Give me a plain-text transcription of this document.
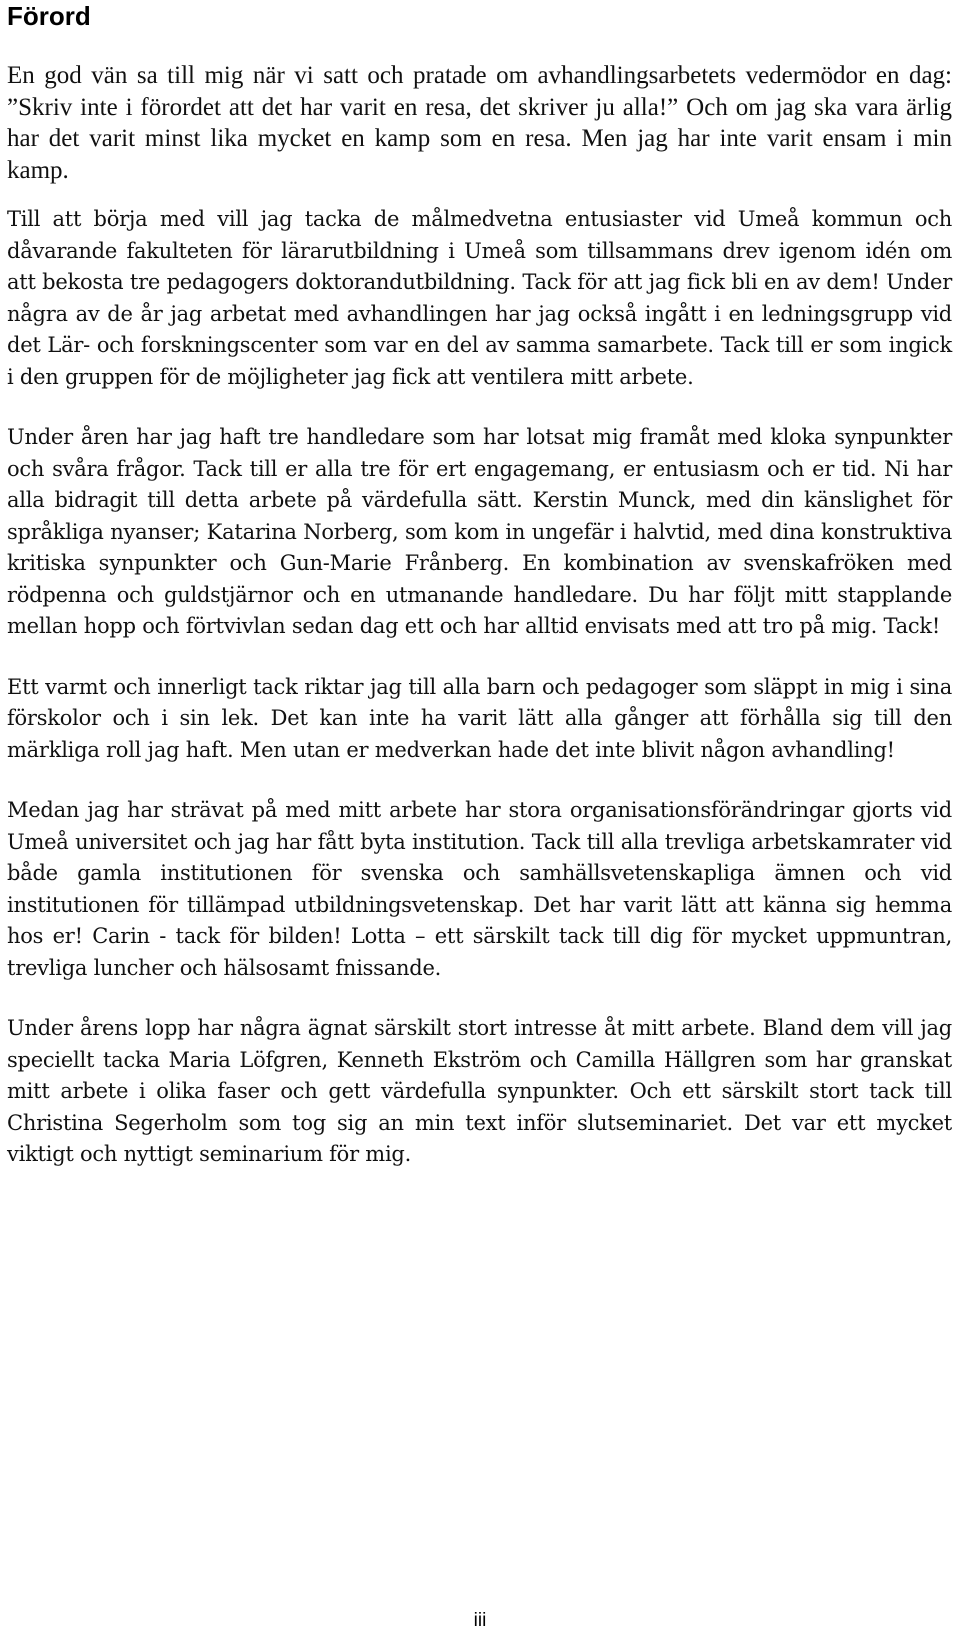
Förord

En god vän sa till mig när vi satt och pratade om avhandlingsarbetets vedermödor en dag: ”Skriv inte i förordet att det har varit en resa, det skriver ju alla!” Och om jag ska vara ärlig har det varit minst lika mycket en kamp som en resa. Men jag har inte varit ensam i min kamp.

Till att börja med vill jag tacka de målmedvetna entusiaster vid Umeå kommun och dåvarande fakulteten för lärarutbildning i Umeå som tillsammans drev igenom idén om att bekosta tre pedagogers doktorandutbildning. Tack för att jag fick bli en av dem! Under några av de år jag arbetat med avhandlingen har jag också ingått i en ledningsgrupp vid det Lär- och forskningscenter som var en del av samma samarbete. Tack till er som ingick i den gruppen för de möjligheter jag fick att ventilera mitt arbete.

Under åren har jag haft tre handledare som har lotsat mig framåt med kloka synpunkter och svåra frågor. Tack till er alla tre för ert engagemang, er entusiasm och er tid. Ni har alla bidragit till detta arbete på värdefulla sätt. Kerstin Munck, med din känslighet för språkliga nyanser; Katarina Norberg, som kom in ungefär i halvtid, med dina konstruktiva kritiska synpunkter och Gun-Marie Frånberg. En kombination av svenskafröken med rödpenna och guldstjärnor och en utmanande handledare. Du har följt mitt stapplande mellan hopp och förtvivlan sedan dag ett och har alltid envisats med att tro på mig. Tack!

Ett varmt och innerligt tack riktar jag till alla barn och pedagoger som släppt in mig i sina förskolor och i sin lek. Det kan inte ha varit lätt alla gånger att förhålla sig till den märkliga roll jag haft. Men utan er medverkan hade det inte blivit någon avhandling!

Medan jag har strävat på med mitt arbete har stora organisationsförändringar gjorts vid Umeå universitet och jag har fått byta institution. Tack till alla trevliga arbetskamrater vid både gamla institutionen för svenska och samhällsvetenskapliga ämnen och vid institutionen för tillämpad utbildningsvetenskap. Det har varit lätt att känna sig hemma hos er! Carin - tack för bilden! Lotta – ett särskilt tack till dig för mycket uppmuntran, trevliga luncher och hälsosamt fnissande.

Under årens lopp har några ägnat särskilt stort intresse åt mitt arbete. Bland dem vill jag speciellt tacka Maria Löfgren, Kenneth Ekström och Camilla Hällgren som har granskat mitt arbete i olika faser och gett värdefulla synpunkter. Och ett särskilt stort tack till Christina Segerholm som tog sig an min text inför slutseminariet. Det var ett mycket viktigt och nyttigt seminarium för mig.

iii
